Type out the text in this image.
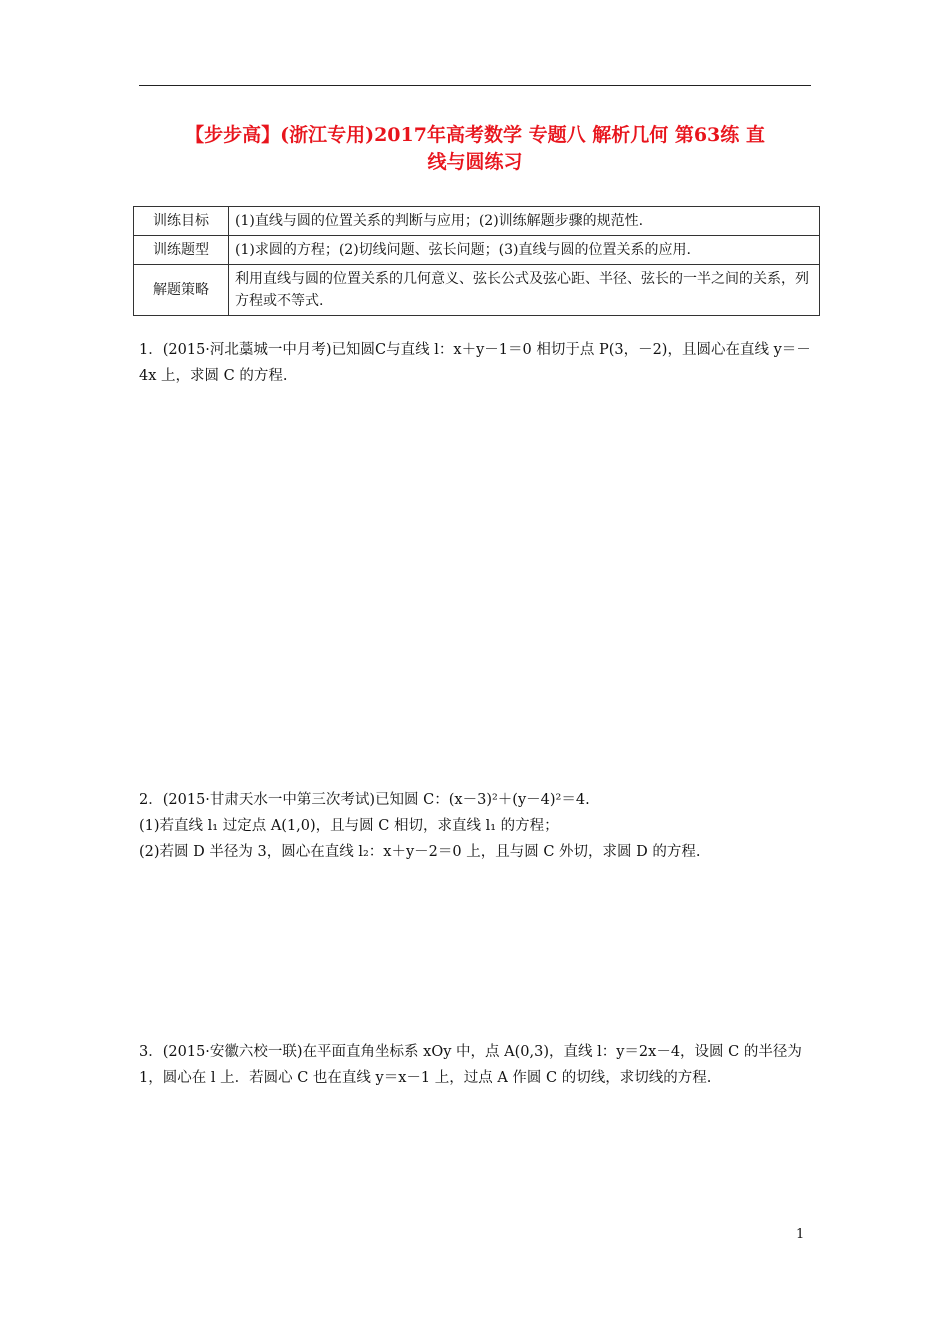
【步步高】(浙江专用)2017年高考数学 专题八 解析几何 第63练 直
线与圆练习
训练目标	(1)直线与圆的位置关系的判断与应用；(2)训练解题步骤的规范性.
训练题型	(1)求圆的方程；(2)切线问题、弦长问题；(3)直线与圆的位置关系的应用.
解题策略	利用直线与圆的位置关系的几何意义、弦长公式及弦心距、半径、弦长的一半之间的关系，列方程或不等式.

1．(2015·河北藁城一中月考)已知圆C与直线 l：x＋y－1＝0 相切于点 P(3，－2)，且圆心在直线 y＝－4x 上，求圆 C 的方程.

2．(2015·甘肃天水一中第三次考试)已知圆 C：(x－3)²＋(y－4)²＝4.

(1)若直线 l₁ 过定点 A(1,0)，且与圆 C 相切，求直线 l₁ 的方程；

(2)若圆 D 半径为 3，圆心在直线 l₂：x＋y－2＝0 上，且与圆 C 外切，求圆 D 的方程.

3．(2015·安徽六校一联)在平面直角坐标系 xOy 中，点 A(0,3)，直线 l：y＝2x－4，设圆 C 的半径为 1，圆心在 l 上．若圆心 C 也在直线 y＝x－1 上，过点 A 作圆 C 的切线，求切线的方程.

1
